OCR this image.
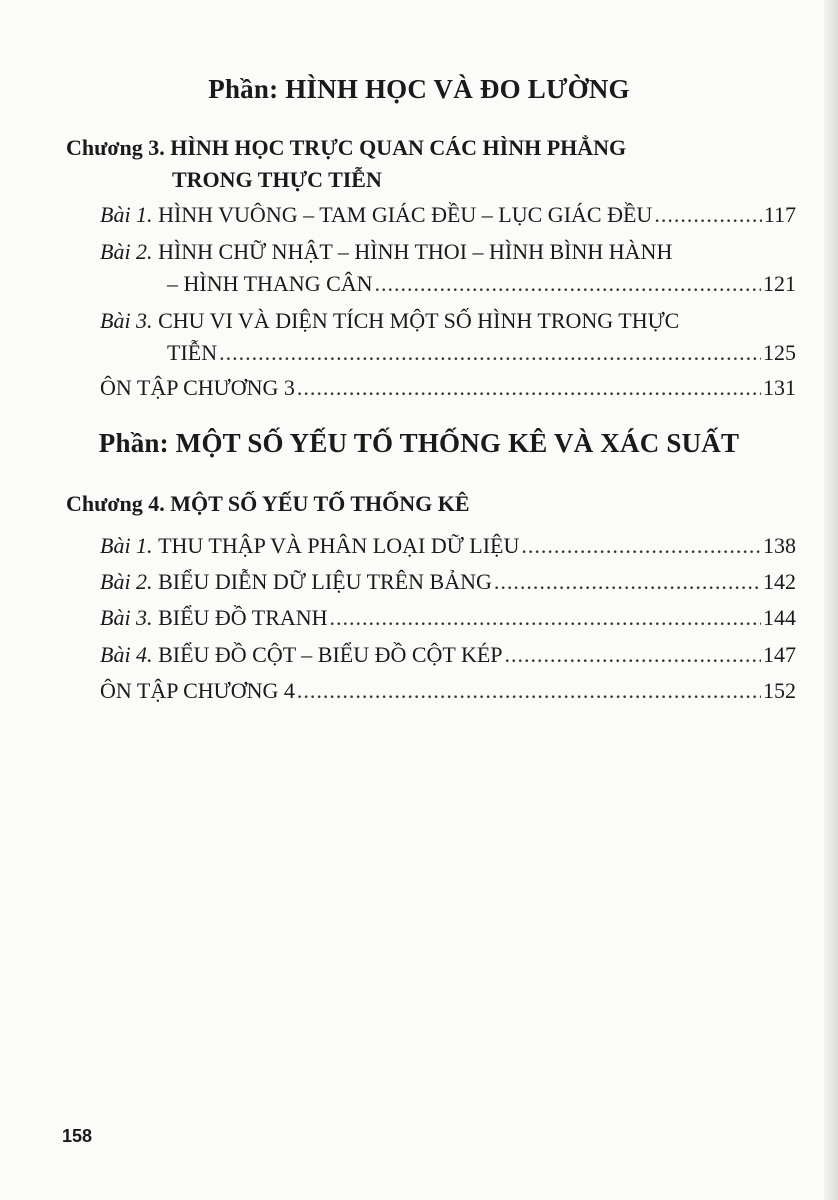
Phần: HÌNH HỌC VÀ ĐO LƯỜNG
Chương 3. HÌNH HỌC TRỰC QUAN CÁC HÌNH PHẲNG
TRONG THỰC TIỄN
Bài 1.
HÌNH VUÔNG – TAM GIÁC ĐỀU – LỤC GIÁC ĐỀU .....	117
Bài 2.
HÌNH CHỮ NHẬT – HÌNH THOI – HÌNH BÌNH HÀNH
– HÌNH THANG CÂN .....	121
Bài 3.
CHU VI VÀ DIỆN TÍCH MỘT SỐ HÌNH TRONG THỰC
TIỄN .....	125
ÔN TẬP CHƯƠNG 3 .....	131
Phần: MỘT SỐ YẾU TỐ THỐNG KÊ VÀ XÁC SUẤT
Chương 4. MỘT SỐ YẾU TỐ THỐNG KÊ
Bài 1.
THU THẬP VÀ PHÂN LOẠI DỮ LIỆU .....	138
Bài 2.
BIỂU DIỄN DỮ LIỆU TRÊN BẢNG .....	142
Bài 3.
BIỂU ĐỒ TRANH .....	144
Bài 4.
BIỂU ĐỒ CỘT – BIỂU ĐỒ CỘT KÉP .....	147
ÔN TẬP CHƯƠNG 4 .....	152
158
